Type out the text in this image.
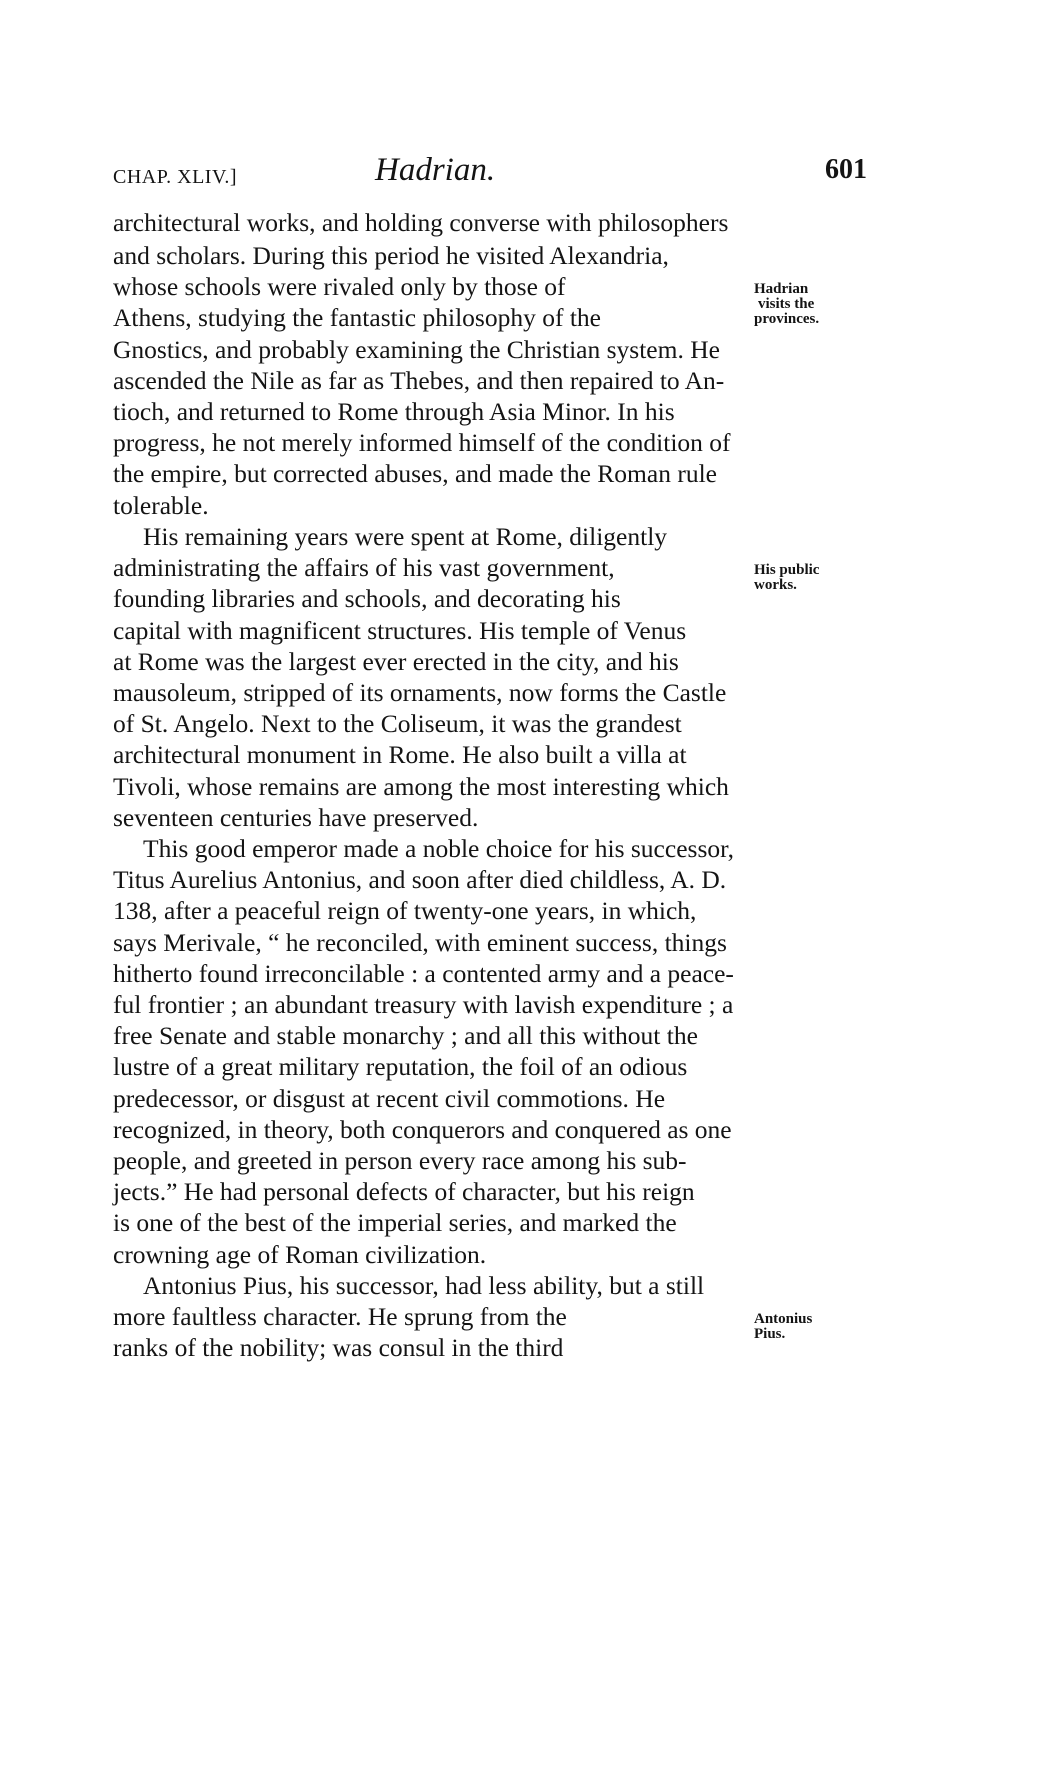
CHAP. XLIV.]	Hadrian.	601
architectural works, and holding converse with philosophers
and scholars. During this period he visited Alexandria,
whose schools were rivaled only by those of
Athens, studying the fantastic philosophy of the
Gnostics, and probably examining the Christian system. He
ascended the Nile as far as Thebes, and then repaired to An-
tioch, and returned to Rome through Asia Minor. In his
progress, he not merely informed himself of the condition of
the empire, but corrected abuses, and made the Roman rule
tolerable.
His remaining years were spent at Rome, diligently
administrating the affairs of his vast government,
founding libraries and schools, and decorating his
capital with magnificent structures. His temple of Venus
at Rome was the largest ever erected in the city, and his
mausoleum, stripped of its ornaments, now forms the Castle
of St. Angelo. Next to the Coliseum, it was the grandest
architectural monument in Rome. He also built a villa at
Tivoli, whose remains are among the most interesting which
seventeen centuries have preserved.
This good emperor made a noble choice for his successor,
Titus Aurelius Antonius, and soon after died childless, A. D.
138, after a peaceful reign of twenty-one years, in which,
says Merivale, “ he reconciled, with eminent success, things
hitherto found irreconcilable : a contented army and a peace-
ful frontier ; an abundant treasury with lavish expenditure ; a
free Senate and stable monarchy ; and all this without the
lustre of a great military reputation, the foil of an odious
predecessor, or disgust at recent civil commotions. He
recognized, in theory, both conquerors and conquered as one
people, and greeted in person every race among his sub-
jects.” He had personal defects of character, but his reign
is one of the best of the imperial series, and marked the
crowning age of Roman civilization.
Antonius Pius, his successor, had less ability, but a still
more faultless character. He sprung from the
ranks of the nobility; was consul in the third
Hadrian
visits the
provinces.
His public
works.
Antonius
Pius.
